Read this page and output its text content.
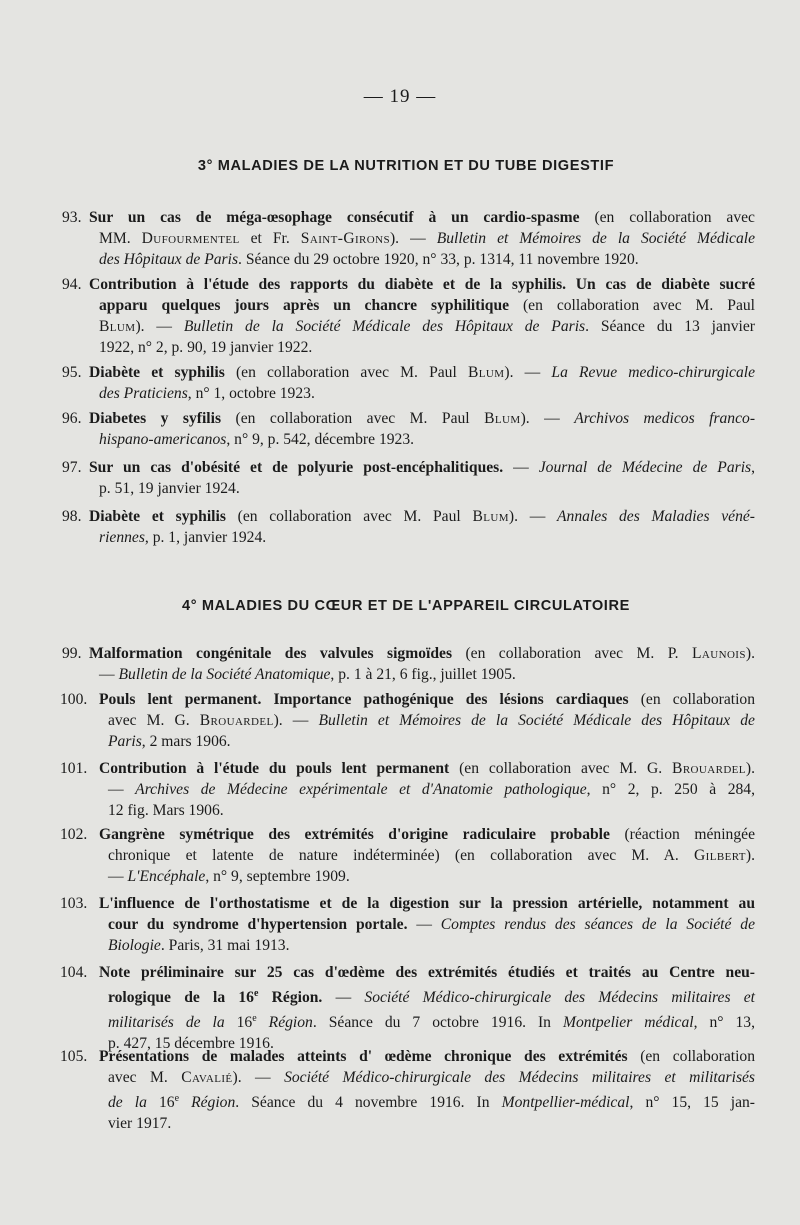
— 19 —
3° MALADIES DE LA NUTRITION ET DU TUBE DIGESTIF
93. Sur un cas de méga-œsophage consécutif à un cardio-spasme (en collaboration avec
MM. Dufourmentel et Fr. Saint-Girons). — Bulletin et Mémoires de la Société Médicale
des Hôpitaux de Paris. Séance du 29 octobre 1920, n° 33, p. 1314, 11 novembre 1920.
94. Contribution à l'étude des rapports du diabète et de la syphilis. Un cas de diabète sucré
apparu quelques jours après un chancre syphilitique (en collaboration avec M. Paul
Blum). — Bulletin de la Société Médicale des Hôpitaux de Paris. Séance du 13 janvier
1922, n° 2, p. 90, 19 janvier 1922.
95. Diabète et syphilis (en collaboration avec M. Paul Blum). — La Revue medico-chirurgicale
des Praticiens, n° 1, octobre 1923.
96. Diabetes y syfilis (en collaboration avec M. Paul Blum). — Archivos medicos franco-
hispano-americanos, n° 9, p. 542, décembre 1923.
97. Sur un cas d'obésité et de polyurie post-encéphalitiques. — Journal de Médecine de Paris,
p. 51, 19 janvier 1924.
98. Diabète et syphilis (en collaboration avec M. Paul Blum). — Annales des Maladies véné-
riennes, p. 1, janvier 1924.
4° MALADIES DU CŒUR ET DE L'APPAREIL CIRCULATOIRE
99. Malformation congénitale des valvules sigmoïdes (en collaboration avec M. P. Launois).
— Bulletin de la Société Anatomique, p. 1 à 21, 6 fig., juillet 1905.
100. Pouls lent permanent. Importance pathogénique des lésions cardiaques (en collaboration
avec M. G. Brouardel). — Bulletin et Mémoires de la Société Médicale des Hôpitaux de
Paris, 2 mars 1906.
101. Contribution à l'étude du pouls lent permanent (en collaboration avec M. G. Brouardel).
— Archives de Médecine expérimentale et d'Anatomie pathologique, n° 2, p. 250 à 284,
12 fig. Mars 1906.
102. Gangrène symétrique des extrémités d'origine radiculaire probable (réaction méningée
chronique et latente de nature indéterminée) (en collaboration avec M. A. Gilbert).
— L'Encéphale, n° 9, septembre 1909.
103. L'influence de l'orthostatisme et de la digestion sur la pression artérielle, notamment au
cour du syndrome d'hypertension portale. — Comptes rendus des séances de la Société de
Biologie. Paris, 31 mai 1913.
104. Note préliminaire sur 25 cas d'œdème des extrémités étudiés et traités au Centre neu-
rologique de la 16e Région. — Société Médico-chirurgicale des Médecins militaires et
militarisés de la 16e Région. Séance du 7 octobre 1916. In Montpelier médical, n° 13,
p. 427, 15 décembre 1916.
105. Présentations de malades atteints d' œdème chronique des extrémités (en collaboration
avec M. Cavalié). — Société Médico-chirurgicale des Médecins militaires et militarisés
de la 16e Région. Séance du 4 novembre 1916. In Montpellier-médical, n° 15, 15 jan-
vier 1917.
